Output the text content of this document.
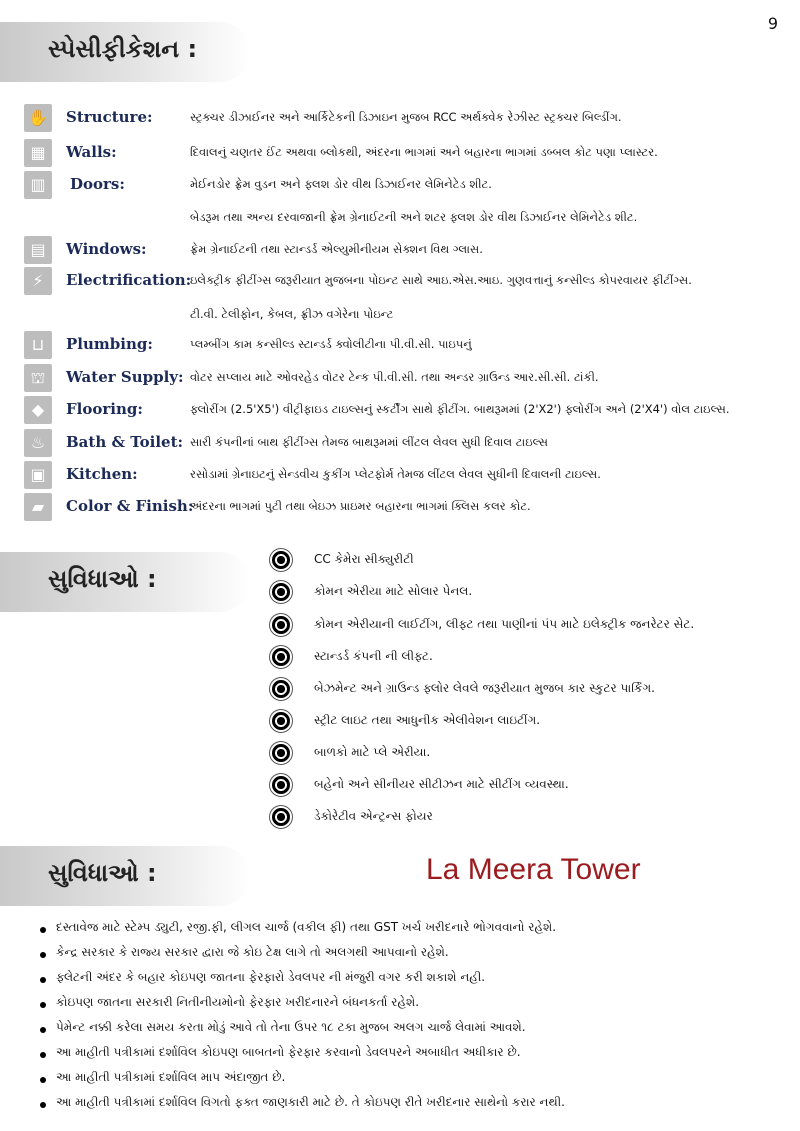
9
સ્પેસીફીકેશન :
✋ Structure:	સ્ટ્રક્ચર ડીઝાઈનર અને આર્કિટેકની ડિઝાઇન મુજબ RCC અર્થક્વેક રેઝીસ્ટ સ્ટ્રક્ચર બિલ્ડીંગ.
▦	Walls:	દિવાલનું ચણતર ઈંટ અથવા બ્લોકથી, અંદરના ભાગમાં અને બહારના ભાગમાં ડબ્બલ કોટ પણા પ્લાસ્ટર.
▥	Doors:	મેઈનડોર ફ્રેમ વુડન અને ફ્લશ ડોર વીથ ડિઝાઈનર લેમિનેટેડ શીટ.
બેડરૂમ તથા અન્ય દરવાજાની ફ્રેમ ગ્રેનાઈટની અને શટર ફ્લશ ડોર વીથ ડિઝાઈનર લેમિનેટેડ શીટ.
▤	Windows:	ફ્રેમ ગ્રેનાઈટની તથા સ્ટાન્ડર્ડ એલ્યુમીનીયમ સેક્શન વિથ ગ્લાસ.
⚡	Electrification:
ઇલેક્ટ્રીક ફીટીંગ્સ જરૂરીયાત મુજબના પોઇન્ટ સાથે આઇ.એસ.આઇ. ગુણવત્તાનું કન્સીલ્ડ કોપરવાયર ફીટીંગ્સ.
ટી.વી. ટેલીફોન, કેબલ, ફ્રીઝ વગેરેના પોઇન્ટ
⊔	Plumbing:	પ્લમ્બીંગ કામ કન્સીલ્ડ સ્ટાન્ડર્ડ ક્વોલીટીના પી.વી.સી. પાઇપનું
⛫	Water Supply: વોટર સપ્લાય માટે ઓવરહેડ વોટર ટેન્ક પી.વી.સી. તથા અન્ડર ગ્રાઉન્ડ આર.સી.સી. ટાંકી.
◆	Flooring:	ફ્લોરીંગ (2.5'X5') વીટ્રીફાઇડ ટાઇલ્સનું સ્કર્ટીંગ સાથે ફીટીંગ. બાથરૂમમાં (2'X2') ફ્લોરીંગ અને (2'X4') વોલ ટાઇલ્સ.
♨	Bath & Toilet: સારી કંપનીનાં બાથ ફીટીંગ્સ તેમજ બાથરૂમમાં લીંટલ લેવલ સુધી દિવાલ ટાઇલ્સ
▣	Kitchen:	રસોડામાં ગ્રેનાઇટનું સેન્ડવીચ કુકીંગ પ્લેટફોર્મ તેમજ લીંટલ લેવલ સુધીની દિવાલની ટાઇલ્સ.
▰	Color & Finish:
અંદરના ભાગમાં પુટી તથા બેઇઝ પ્રાઇમર બહારના ભાગમાં ક્લિસ કલર કોટ.
સુવિધાઓ :
CC કેમેરા સીક્યુરીટી
કોમન એરીયા માટે સોલાર પેનલ.
કોમન એરીયાની લાઈટીંગ, લીફ્ટ તથા પાણીનાં પંપ માટે ઇલેક્ટ્રીક જનરેટર સેટ.
સ્ટાન્ડર્ડ કંપની ની લીફ્ટ.
બેઝમેન્ટ અને ગ્રાઉન્ડ ફ્લોર લેવલે જરૂરીયાત મુજબ કાર સ્કુટર પાર્કિંગ.
સ્ટ્રીટ લાઇટ તથા આધુનીક એલીવેશન લાઇટીંગ.
બાળકો માટે પ્લે એરીયા.
બહેનો અને સીનીયર સીટીઝન માટે સીટીંગ વ્યવસ્થા.
ડેકોરેટીવ એન્ટ્રન્સ ફોયર
સુવિધાઓ :	La Meera Tower
દસ્તાવેજ માટે સ્ટેમ્પ ડ્યુટી, રજી.ફી, લીગલ ચાર્જ (વકીલ ફી) તથા GST ખર્ચ ખરીદનારે ભોગવવાનો રહેશે.
કેન્દ્ર સરકાર કે રાજ્ય સરકાર દ્વારા જે કોઇ ટેક્ષ લાગે તો અલગથી આપવાનો રહેશે.
ફ્લેટની અંદર કે બહાર કોઇપણ જાતના ફેરફારો ડેવલપર ની મંજુરી વગર કરી શકાશે નહી.
કોઇપણ જાતના સરકારી નિતીનીયમોનો ફેરફાર ખરીદનારને બંધનકર્તા રહેશે.
પેમેન્ટ નક્કી કરેલા સમય કરતા મોડું આવે તો તેના ઉપર ૧૮ ટકા મુજબ અલગ ચાર્જ લેવામાં આવશે.
આ માહીતી પત્રીકામાં દર્શાવિલ કોઇપણ બાબતનો ફેરફાર કરવાનો ડેવલપરને અબાધીત અધીકાર છે.
આ માહીતી પત્રીકામાં દર્શાવિલ માપ અંદાજીત છે.
આ માહીતી પત્રીકામાં દર્શાવિલ વિગતો ફક્ત જાણકારી માટે છે. તે કોઇપણ રીતે ખરીદનાર સાથેનો કરાર નથી.
